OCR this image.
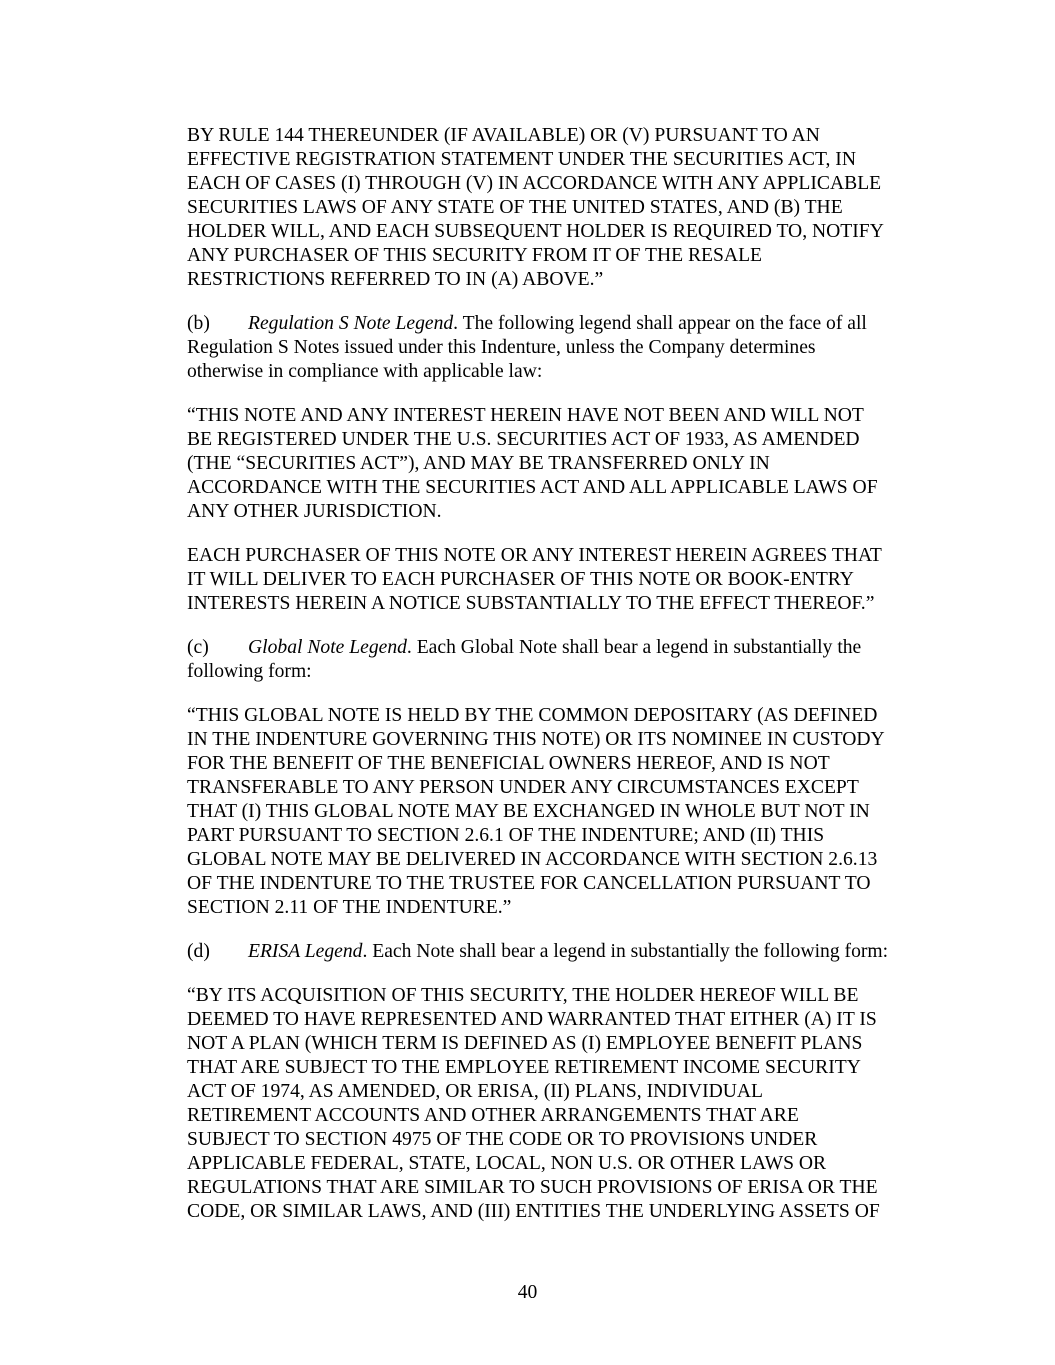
BY RULE 144 THEREUNDER (IF AVAILABLE) OR (V) PURSUANT TO AN
EFFECTIVE REGISTRATION STATEMENT UNDER THE SECURITIES ACT, IN
EACH OF CASES (I) THROUGH (V) IN ACCORDANCE WITH ANY APPLICABLE
SECURITIES LAWS OF ANY STATE OF THE UNITED STATES, AND (B) THE
HOLDER WILL, AND EACH SUBSEQUENT HOLDER IS REQUIRED TO, NOTIFY
ANY PURCHASER OF THIS SECURITY FROM IT OF THE RESALE
RESTRICTIONS REFERRED TO IN (A) ABOVE.”

(b) Regulation S Note Legend. The following legend shall appear on the face of all
Regulation S Notes issued under this Indenture, unless the Company determines
otherwise in compliance with applicable law:

“THIS NOTE AND ANY INTEREST HEREIN HAVE NOT BEEN AND WILL NOT
BE REGISTERED UNDER THE U.S. SECURITIES ACT OF 1933, AS AMENDED
(THE “SECURITIES ACT”), AND MAY BE TRANSFERRED ONLY IN
ACCORDANCE WITH THE SECURITIES ACT AND ALL APPLICABLE LAWS OF
ANY OTHER JURISDICTION.

EACH PURCHASER OF THIS NOTE OR ANY INTEREST HEREIN AGREES THAT
IT WILL DELIVER TO EACH PURCHASER OF THIS NOTE OR BOOK-ENTRY
INTERESTS HEREIN A NOTICE SUBSTANTIALLY TO THE EFFECT THEREOF.”

(c) Global Note Legend. Each Global Note shall bear a legend in substantially the
following form:

“THIS GLOBAL NOTE IS HELD BY THE COMMON DEPOSITARY (AS DEFINED
IN THE INDENTURE GOVERNING THIS NOTE) OR ITS NOMINEE IN CUSTODY
FOR THE BENEFIT OF THE BENEFICIAL OWNERS HEREOF, AND IS NOT
TRANSFERABLE TO ANY PERSON UNDER ANY CIRCUMSTANCES EXCEPT
THAT (I) THIS GLOBAL NOTE MAY BE EXCHANGED IN WHOLE BUT NOT IN
PART PURSUANT TO SECTION 2.6.1 OF THE INDENTURE; AND (II) THIS
GLOBAL NOTE MAY BE DELIVERED IN ACCORDANCE WITH SECTION 2.6.13
OF THE INDENTURE TO THE TRUSTEE FOR CANCELLATION PURSUANT TO
SECTION 2.11 OF THE INDENTURE.”

(d) ERISA Legend. Each Note shall bear a legend in substantially the following form:

“BY ITS ACQUISITION OF THIS SECURITY, THE HOLDER HEREOF WILL BE
DEEMED TO HAVE REPRESENTED AND WARRANTED THAT EITHER (A) IT IS
NOT A PLAN (WHICH TERM IS DEFINED AS (I) EMPLOYEE BENEFIT PLANS
THAT ARE SUBJECT TO THE EMPLOYEE RETIREMENT INCOME SECURITY
ACT OF 1974, AS AMENDED, OR ERISA, (II) PLANS, INDIVIDUAL
RETIREMENT ACCOUNTS AND OTHER ARRANGEMENTS THAT ARE
SUBJECT TO SECTION 4975 OF THE CODE OR TO PROVISIONS UNDER
APPLICABLE FEDERAL, STATE, LOCAL, NON U.S. OR OTHER LAWS OR
REGULATIONS THAT ARE SIMILAR TO SUCH PROVISIONS OF ERISA OR THE
CODE, OR SIMILAR LAWS, AND (III) ENTITIES THE UNDERLYING ASSETS OF

40
